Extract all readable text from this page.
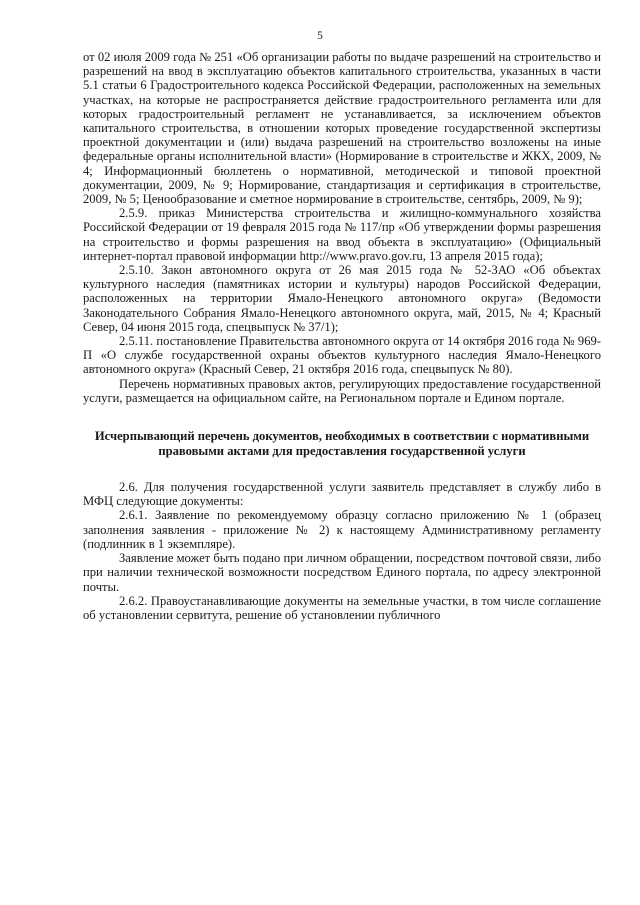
5

от 02 июля 2009 года № 251 «Об организации работы по выдаче разрешений на строительство и разрешений на ввод в эксплуатацию объектов капитального строительства, указанных в части 5.1 статьи 6 Градостроительного кодекса Российской Федерации, расположенных на земельных участках, на которые не распространяется действие градостроительного регламента или для которых градостроительный регламент не устанавливается, за исключением объектов капитального строительства, в отношении которых проведение государственной экспертизы проектной документации и (или) выдача разрешений на строительство возложены на иные федеральные органы исполнительной власти» (Нормирование в строительстве и ЖКХ, 2009, № 4; Информационный бюллетень о нормативной, методической и типовой проектной документации, 2009, № 9; Нормирование, стандартизация и сертификация в строительстве, 2009, № 5; Ценообразование и сметное нормирование в строительстве, сентябрь, 2009, № 9);

2.5.9. приказ Министерства строительства и жилищно-коммунального хозяйства Российской Федерации от 19 февраля 2015 года № 117/пр «Об утверждении формы разрешения на строительство и формы разрешения на ввод объекта в эксплуатацию» (Официальный интернет-портал правовой информации http://www.pravo.gov.ru, 13 апреля 2015 года);

2.5.10. Закон автономного округа от 26 мая 2015 года № 52-ЗАО «Об объектах культурного наследия (памятниках истории и культуры) народов Российской Федерации, расположенных на территории Ямало-Ненецкого автономного округа» (Ведомости Законодательного Собрания Ямало-Ненецкого автономного округа, май, 2015, № 4; Красный Север, 04 июня 2015 года, спецвыпуск № 37/1);

2.5.11. постановление Правительства автономного округа от 14 октября 2016 года № 969-П «О службе государственной охраны объектов культурного наследия Ямало-Ненецкого автономного округа» (Красный Север, 21 октября 2016 года, спецвыпуск № 80).

Перечень нормативных правовых актов, регулирующих предоставление государственной услуги, размещается на официальном сайте, на Региональном портале и Едином портале.

Исчерпывающий перечень документов, необходимых в соответствии с нормативными правовыми актами для предоставления государственной услуги

2.6. Для получения государственной услуги заявитель представляет в службу либо в МФЦ следующие документы:

2.6.1. Заявление по рекомендуемому образцу согласно приложению № 1 (образец заполнения заявления - приложение № 2) к настоящему Административному регламенту (подлинник в 1 экземпляре).

Заявление может быть подано при личном обращении, посредством почтовой связи, либо при наличии технической возможности посредством Единого портала, по адресу электронной почты.

2.6.2. Правоустанавливающие документы на земельные участки, в том числе соглашение об установлении сервитута, решение об установлении публичного
